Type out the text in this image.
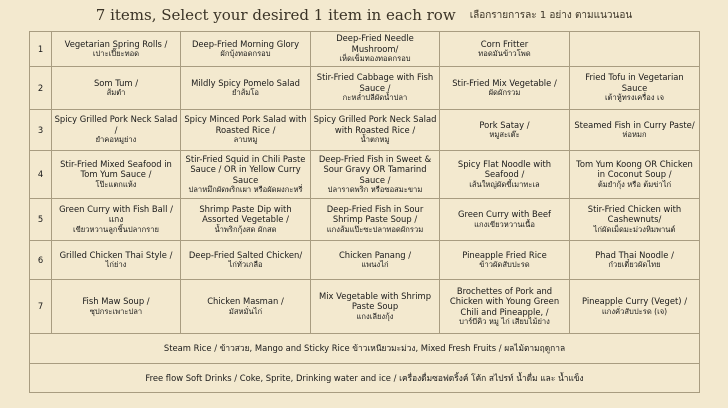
7 items, Select your desired 1 item in each row เลือกรายการละ 1 อย่าง ตามแนวนอน
1	Vegetarian Spring Rolls /
เปาะเปี๊ยะทอด	Deep-Fried Morning Glory
ผักบุ้งทอดกรอบ	Deep-Fried Needle Mushroom/
เห็ดเข็มทองทอดกรอบ	Corn Fritter
ทอดมันข้าวโพด	

2	Som Tum /
ส้มตำ	Mildly Spicy Pomelo Salad
ยำส้มโอ	Stir-Fried Cabbage with Fish Sauce /
กะหล่ำปลีผัดน้ำปลา	Stir-Fried Mix Vegetable /
ผัดผักรวม	Fried Tofu in Vegetarian Sauce
เต้าหู้ทรงเครื่อง เจ

3	Spicy Grilled Pork Neck Salad /
ยำคอหมูย่าง	Spicy Minced Pork Salad with Roasted Rice /
ลาบหมู	Spicy Grilled Pork Neck Salad with Roasted Rice /
น้ำตกหมู	Pork Satay /
หมูสะเต๊ะ	Steamed Fish in Curry Paste/
ห่อหมก

4	Stir-Fried Mixed Seafood in Tom Yum Sauce /
โป๊ะแตกแห้ง	Stir-Fried Squid in Chili Paste Sauce / OR in Yellow Curry Sauce
ปลาหมึกผัดพริกเผา หรือผัดผงกะหรี่	Deep-Fried Fish in Sweet & Sour Gravy OR Tamarind Sauce /
ปลาราดพริก หรือซอสมะขาม	Spicy Flat Noodle with Seafood /
เส้นใหญ่ผัดขี้เมาทะเล	Tom Yum Koong OR Chicken in Coconut Soup /
ต้มยำกุ้ง หรือ ต้มข่าไก่

5	Green Curry with Fish Ball /แกง
เขียวหวานลูกชิ้นปลากราย	Shrimp Paste Dip with Assorted Vegetable /
น้ำพริกกุ้งสด ผักสด	Deep-Fried Fish in Sour Shrimp Paste Soup /
แกงส้มแป๊ะซะปลาทอดผักรวม	Green Curry with Beef
แกงเขียวหวานเนื้อ	Stir-Fried Chicken with Cashewnuts/
ไก่ผัดเม็ดมะม่วงหิมพานต์

6	Grilled Chicken Thai Style /
ไก่ย่าง	Deep-Fried Salted Chicken/
ไก่ทั่วเกลือ	Chicken Panang /
แพนงไก่	Pineapple Fried Rice
ข้าวผัดสับปะรด	Phad Thai Noodle /
ก๋วยเตี๋ยวผัดไทย

7	Fish Maw Soup /
ซุปกระเพาะปลา	Chicken Masman /
มัสหมั่นไก่	Mix Vegetable with Shrimp Paste Soup
แกงเลียงกุ้ง	Brochettes of Pork and Chicken with Young Green Chili and Pineapple, /
บาร์บีคิว หมู ไก่ เสียบไม้ย่าง	Pineapple Curry (Veget) /
แกงคั่วสับปะรด (เจ)

Steam Rice / ข้าวสวย, Mango and Sticky Rice ข้าวเหนียวมะม่วง, Mixed Fresh Fruits / ผลไม้ตามฤดูกาล					
Free flow Soft Drinks / Coke, Sprite, Drinking water and ice / เครื่องดื่มซอฟดริ้งค์ โค้ก สไปรท์ น้ำดื่ม และ น้ำแข็ง					
